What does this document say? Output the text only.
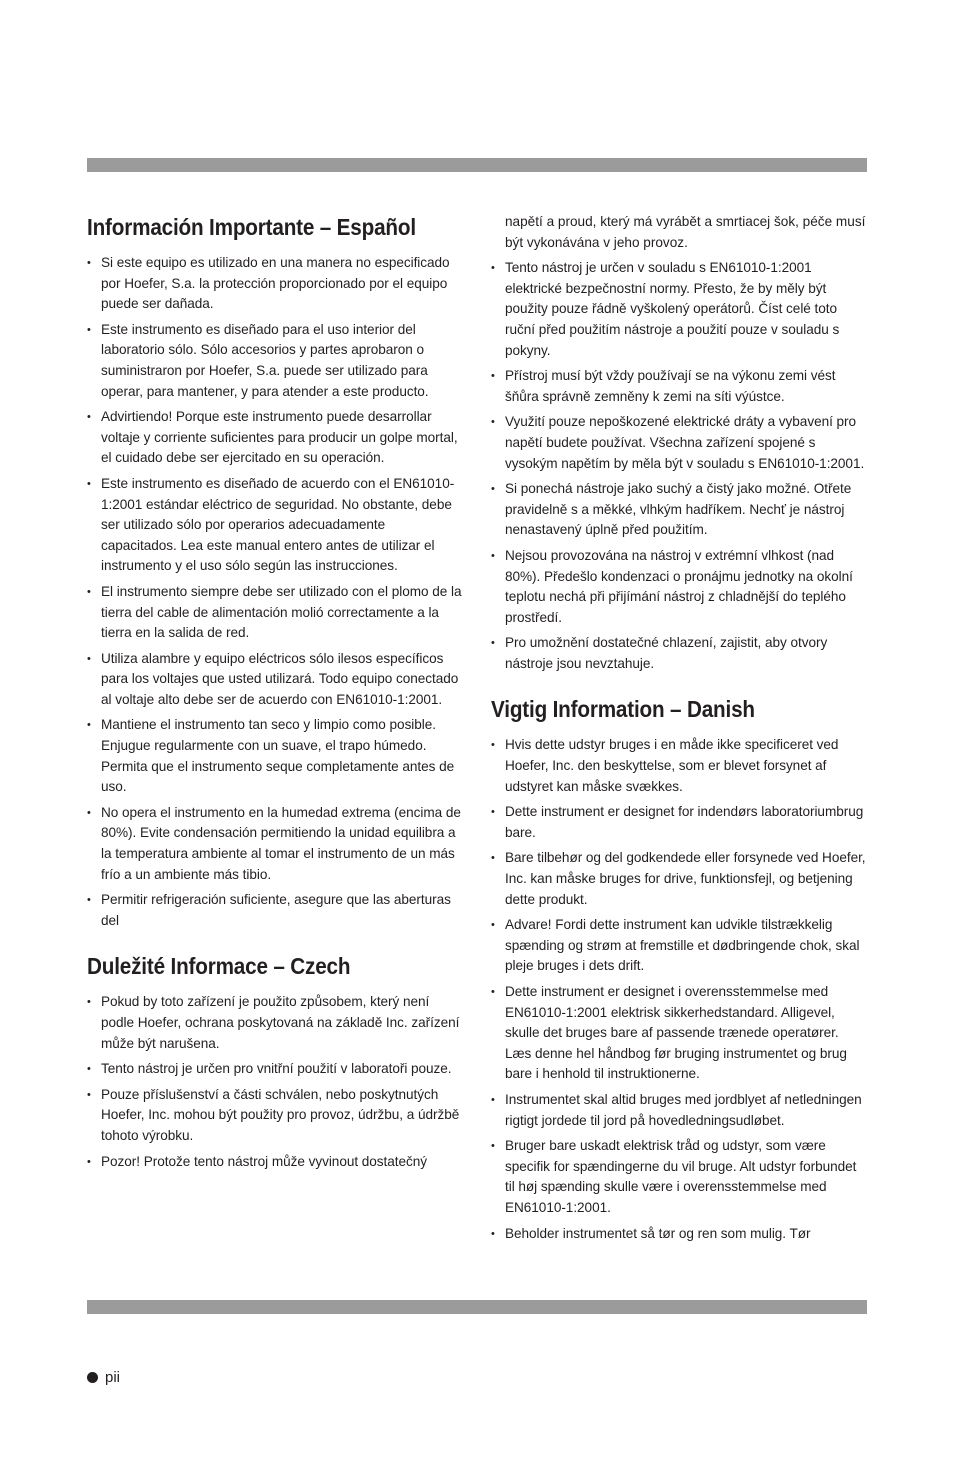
Información Importante – Español
• Si este equipo es utilizado en una manera no especificado por Hoefer, S.a. la protección proporcionado por el equipo puede ser dañada.
• Este instrumento es diseñado para el uso interior del laboratorio sólo. Sólo accesorios y partes aprobaron o suministraron por Hoefer, S.a. puede ser utilizado para operar, para mantener, y para atender a este producto.
• Advirtiendo! Porque este instrumento puede desarrollar voltaje y corriente suficientes para producir un golpe mortal, el cuidado debe ser ejercitado en su operación.
• Este instrumento es diseñado de acuerdo con el EN61010-1:2001 estándar eléctrico de seguridad. No obstante, debe ser utilizado sólo por operarios adecuadamente capacitados. Lea este manual entero antes de utilizar el instrumento y el uso sólo según las instrucciones.
• El instrumento siempre debe ser utilizado con el plomo de la tierra del cable de alimentación molió correctamente a la tierra en la salida de red.
• Utiliza alambre y equipo eléctricos sólo ilesos específicos para los voltajes que usted utilizará. Todo equipo conectado al voltaje alto debe ser de acuerdo con EN61010-1:2001.
• Mantiene el instrumento tan seco y limpio como posible. Enjugue regularmente con un suave, el trapo húmedo. Permita que el instrumento seque completamente antes de uso.
• No opera el instrumento en la humedad extrema (encima de 80%). Evite condensación permitiendo la unidad equilibra a la temperatura ambiente al tomar el instrumento de un más frío a un ambiente más tibio.
• Permitir refrigeración suficiente, asegure que las aberturas del
Duležité Informace – Czech
• Pokud by toto zařízení je použito způsobem, který není podle Hoefer, ochrana poskytovaná na základě Inc. zařízení může být narušena.
• Tento nástroj je určen pro vnitřní použití v laboratoři pouze.
• Pouze příslušenství a části schválen, nebo poskytnutých Hoefer, Inc. mohou být použity pro provoz, údržbu, a údržbě tohoto výrobku.
• Pozor! Protože tento nástroj může vyvinout dostatečný

napětí a proud, který má vyrábět a smrtiacej šok, péče musí být vykonávána v jeho provoz.

• Tento nástroj je určen v souladu s EN61010-1:2001 elektrické bezpečnostní normy. Přesto, že by měly být použity pouze řádně vyškolený operátorů. Číst celé toto ruční před použitím nástroje a použití pouze v souladu s pokyny.
• Přístroj musí být vždy používají se na výkonu zemi vést šňůra správně zemněny k zemi na síti výústce.
• Využití pouze nepoškozené elektrické dráty a vybavení pro napětí budete používat. Všechna zařízení spojené s vysokým napětím by měla být v souladu s EN61010-1:2001.
• Si ponechá nástroje jako suchý a čistý jako možné. Otřete pravidelně s a měkké, vlhkým hadříkem. Nechť je nástroj nenastavený úplně před použitím.
• Nejsou provozována na nástroj v extrémní vlhkost (nad 80%). Předešlo kondenzaci o pronájmu jednotky na okolní teplotu nechá při přijímání nástroj z chladnější do teplého prostředí.
• Pro umožnění dostatečné chlazení, zajistit, aby otvory nástroje jsou nevztahuje.
Vigtig Information – Danish
• Hvis dette udstyr bruges i en måde ikke specificeret ved Hoefer, Inc. den beskyttelse, som er blevet forsynet af udstyret kan måske svækkes.
• Dette instrument er designet for indendørs laboratoriumbrug bare.
• Bare tilbehør og del godkendede eller forsynede ved Hoefer, Inc. kan måske bruges for drive, funktionsfejl, og betjening dette produkt.
• Advare! Fordi dette instrument kan udvikle tilstrækkelig spænding og strøm at fremstille et dødbringende chok, skal pleje bruges i dets drift.
• Dette instrument er designet i overensstemmelse med EN61010-1:2001 elektrisk sikkerhedstandard. Alligevel, skulle det bruges bare af passende trænede operatører. Læs denne hel håndbog før bruging instrumentet og brug bare i henhold til instruktionerne.
• Instrumentet skal altid bruges med jordblyet af netledningen rigtigt jordede til jord på hovedledningsudløbet.
• Bruger bare uskadt elektrisk tråd og udstyr, som være specifik for spændingerne du vil bruge. Alt udstyr forbundet til høj spænding skulle være i overensstemmelse med EN61010-1:2001.
• Beholder instrumentet så tør og ren som mulig. Tør
pii
